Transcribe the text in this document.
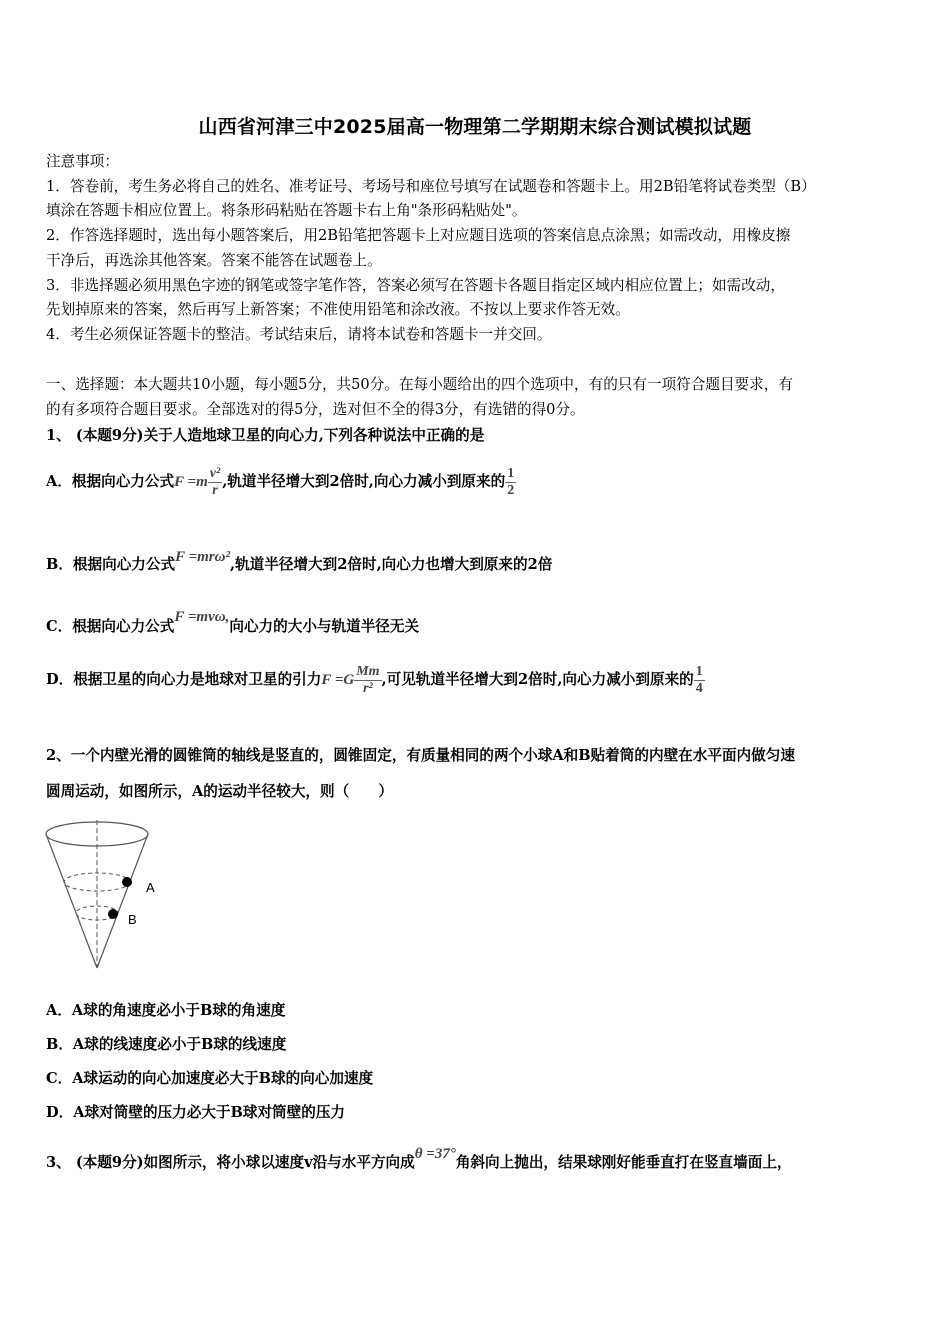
山西省河津三中2025届高一物理第二学期期末综合测试模拟试题
注意事项：
1．答卷前，考生务必将自己的姓名、准考证号、考场号和座位号填写在试题卷和答题卡上。用2B铅笔将试卷类型（B）
填涂在答题卡相应位置上。将条形码粘贴在答题卡右上角"条形码粘贴处"。
2．作答选择题时，选出每小题答案后，用2B铅笔把答题卡上对应题目选项的答案信息点涂黑；如需改动，用橡皮擦
干净后，再选涂其他答案。答案不能答在试题卷上。
3．非选择题必须用黑色字迹的钢笔或签字笔作答，答案必须写在答题卡各题目指定区域内相应位置上；如需改动，
先划掉原来的答案，然后再写上新答案；不准使用铅笔和涂改液。不按以上要求作答无效。
4．考生必须保证答题卡的整洁。考试结束后，请将本试卷和答题卡一并交回。
一、选择题：本大题共10小题，每小题5分，共50分。在每小题给出的四个选项中，有的只有一项符合题目要求，有
的有多项符合题目要求。全部选对的得5分，选对但不全的得3分，有选错的得0分。
1、 (本题9分)关于人造地球卫星的向心力,下列各种说法中正确的是
A．根据向心力公式$F =m \frac{\text{v²}}{r}$ ,轨道半径增大到2倍时,向心力减小到原来的 $\frac{1}{2}$
B．根据向心力公式F =mrω²,轨道半径增大到2倍时,向心力也增大到原来的2倍
C．根据向心力公式F =mvω,向心力的大小与轨道半径无关
D．根据卫星的向心力是地球对卫星的引力$F =G \frac{Mm}{\text{r²}}$ ,可见轨道半径增大到2倍时,向心力减小到原来的 $\frac{1}{4}$
2、一个内壁光滑的圆锥筒的轴线是竖直的，圆锥固定，有质量相同的两个小球A和B贴着筒的内壁在水平面内做匀速
圆周运动，如图所示，A的运动半径较大，则（　　）
A
B
A．A球的角速度必小于B球的角速度
B．A球的线速度必小于B球的线速度
C．A球运动的向心加速度必大于B球的向心加速度
D．A球对筒壁的压力必大于B球对筒壁的压力
3、 (本题9分)如图所示，将小球以速度v沿与水平方向成θ =37°角斜向上抛出，结果球刚好能垂直打在竖直墙面上，
